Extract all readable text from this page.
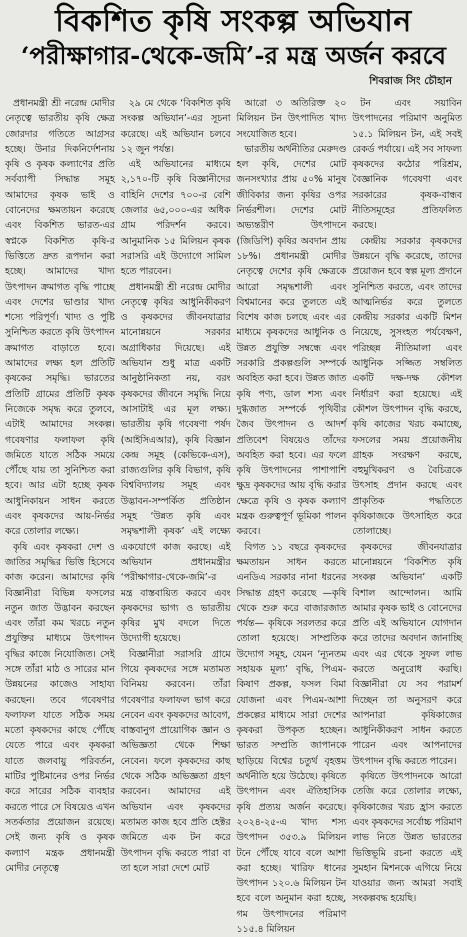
বিকশিত কৃষি সংকল্প অভিযান
‘পরীক্ষাগার-থেকে-জমি’-র মন্ত্র অর্জন করবে
শিবরাজ সিং চৌহান

প্রধানমন্ত্রী শ্রী নরেন্দ্র মোদীর নেতৃত্বে ভারতীয় কৃষি ক্ষেত্র জোরদার গতিতে আগ্রসর হচ্ছে। উনার দিকনির্দেশনায় কৃষি ও কৃষক কল্যাণের প্রতি সর্বব্যাপী সিদ্ধান্ত সমূহ আমাদের কৃষক ভাই ও বোনেদের ক্ষমতায়ন করেছে এবং বিকশিত ভারত-এর স্বপ্নকে বিকশিত কৃষি-র ভিত্তিতে দ্রুত রূপদান করা হচ্ছে। আমাদের খাদ্য উৎপাদন ক্রমাগত বৃদ্ধি পাচ্ছে এবং দেশের ভাণ্ডার খাদ্য শস্যে পরিপূর্ণ। খাদ্য ও পুষ্টি সুনিশ্চিত করতে কৃষি উৎপাদন ক্রমাগত বাড়াতে হবে। আমাদের লক্ষ্য হল প্রতিটি কৃষকের সমৃদ্ধি। ভারতের প্রতিটি গ্রামের প্রতিটি কৃষক নিজেকে সমৃদ্ধ করে তুলবে, এটাই আমাদের সংকল্প। গবেষণার ফলাফল কৃষি জমিতে যাতে সঠিক সময়ে পৌঁছে যায় তা সুনিশ্চিত করা হবে। আর এটা হচ্ছে কৃষক আধুনিকায়ন সাধন করতে এবং কৃষকদের আয়-নির্ভর করে তোলার লক্ষ্যে।

কৃষি এবং কৃষকরা দেশ ও জাতির সমৃদ্ধির ভিত্তি হিসেবে কাজ করেন। আমাদের কৃষি বিজ্ঞানীরা বিভিন্ন ফসলের নতুন জাত উদ্ভাবন করছেন এবং তাঁরা কম খরচে নতুন প্রযুক্তির মাধ্যমে উৎপাদন বৃদ্ধির কাজে নিযোজিত। সেই সঙ্গে তাঁরা মাঠ ও সারের মান উন্নয়নের কাজেও সাহায্য করছেন। তবে গবেষণার ফলাফল যাতে সঠিক সময় মতো কৃষকদের কাছে পৌঁছে যেতে পারে এবং কৃষকরা যাতে জলবায়ু পরিবর্তন, মাটির পুষ্টিমানের ওপর নির্ভর করে সারের সঠিক ব্যবহার করতে পারে সে বিষয়েও এখন সতর্কতার প্রয়োজন রয়েছে। সেই জন্য কৃষি ও কৃষক কল্যাণ মন্ত্রক প্রধানমন্ত্রী মোদীর নেতৃত্বে

২৯ মে থেকে ‘বিকশিত কৃষি সংকল্প অভিযান’-এর সূচনা করেছে। এই অভিযান চলবে ১২ জুন পর্যন্ত।

এই অভিযানের মাধ্যমে ২,১৭০-টি কৃষি বিজ্ঞানীদের বাহিনি দেশের ৭০০-র বেশি জেলার ৬৫,০০০-এর অধিক গ্রাম পরিদর্শন করবে। আনুমানিক ১৫ মিলিয়ন কৃষক সরাসরি এই উদ্যোগে সামিল হতে পারবেন।

প্রধানমন্ত্রী শ্রী নরেন্দ্র মোদীর নেতৃত্বে কৃষির আধুনিকীকরণ ও কৃষকদের জীবনযাত্রার মানোন্নয়নে সরকার অগ্রাধিকার দিয়েছে। এই অভিযান শুধু মাত্র একটি আনুষ্ঠানিকতা নয়, বরং কৃষকদের জীবনে সমৃদ্ধি নিয়ে আসাটাই এর মূল লক্ষ্য। ভারতীয় কৃষি গবেষণা পর্ষদ (আইসিএআর), কৃষি বিজ্ঞান কেন্দ্র সমূহ (কেভিকে-এস), রাজ্যগুলির কৃষি বিভাগ, কৃষি বিশ্ববিদ্যালয় সমূহ এবং উদ্ভাবন-সম্পর্কিত প্রতিষ্ঠান সমূহ ‘উন্নত কৃষি এবং সমৃদ্ধশালী কৃষক’ এই লক্ষ্যে একযোগে কাজ করছে। এই অভিযান প্রধানমন্ত্রীর ‘পরীক্ষাগার-থেকে-জমি’-র মন্ত্র বাস্তবায়িত করবে এবং কৃষকদের ভাগ্য ও ভারতীয় কৃষির মুখ বদলে দিতে উদ্যোগী হয়েছে।

বিজ্ঞানীরা সরাসরি গ্রামে গিয়ে কৃষকদের সঙ্গে মতামত বিনিময় করবেন। তাঁরা গবেষণার ফলাফল ভাগ করে নেবেন এবং কৃষকদের আবেগ, বাস্তবানুগ প্রায়োগিক জ্ঞান ও অভিজ্ঞতা থেকে শিক্ষা নেবেন। ফলে কৃষকদের কাছ থেকে সঠিক অভিজ্ঞতা গ্রহণ করবেন। আমাদের এই অভিযান এবং কৃষকদের মতামত কাজ হবে প্রতি হেক্টর জমিতে এক টন করে উৎপাদন বৃদ্ধি করতে পারা বা তা হলে সারা দেশে মোট

আরো ৩ অতিরিক্ত ২০ মিলিয়ন টন উৎপাদিত খাদ্য সংযোজিত হবে।

ভারতীয় অর্থনীতির মেরুদণ্ড হল কৃষি, দেশের মোট জনসংখ্যার প্রায় ৫০% মানুষ জীবিকার জন্য কৃষির ওপর নির্ভরশীল। দেশের মোট অভ্যন্তরীণ উৎপাদনে (জিডিপি) কৃষির অবদান প্রায় ১৮%। প্রধানমন্ত্রী মোদীর নেতৃত্বে দেশের কৃষি ক্ষেত্রকে আরো সমৃদ্ধশালী এবং বিশ্বমানের করে তুলতে এই বিশেষ কাজ চলছে এবং এর মাধ্যমে কৃষকদের আধুনিক ও উন্নত প্রযুক্তি সম্বন্ধে এবং সরকারি প্রকল্পগুলি সম্পর্কে অবহিত করা হবে। উন্নত জাত কৃষি পণ্য, ডাল শস্য এবং দুগ্ধজাত সম্পর্কে পৃথিবীর জৈব উৎপাদন ও আদর্শ প্রতিবেশ বিষয়েও তাঁদের অবহিত করা হবে। এর ফলে কৃষি উৎপাদনের পাশাপাশি ক্ষুদ্র কৃষকদের আয় বৃদ্ধি করার ক্ষেত্রে কৃষি ও কৃষক কল্যাণ মন্ত্রক গুরুত্বপূর্ণ ভূমিকা পালন করবে।

বিগত ১১ বছরে কৃষকদের ক্ষমতায়ন সাধন করতে এনডিএ সরকার নানা ধরনের সিদ্ধান্ত গ্রহণ করেছে —কৃষি থেকে শুরু করে বাজারজাত পর্যন্ত— কৃষিকে সরলতর করে তোলা হয়েছে। সাম্প্রতিক উদ্যোগ সমূহ, যেমন ‘ন্যূনতম সহায়ক মূল্য’ বৃদ্ধি, পিএম-কিষাণ প্রকল্প, ফসল বিমা যোজনা এবং পিএম-আশা প্রকল্পের মাধ্যমে সারা দেশের কৃষকরা উপকৃত হচ্ছেন। ভারত সম্প্রতি জাপানকে ছাড়িয়ে বিশ্বের চতুর্থ বৃহত্তম অর্থনীতি হয়ে উঠেছে। কৃষিতে উৎপাদন এবং ঐতিহাসিক কৃষি প্রত্যয় অর্জন করেছে। ২০২৪-২৫-এ খাদ্য শস্য উৎপাদন ৩৫৩.৯ মিলিয়ন টনে পৌঁছে যাবে বলে আশা করা হচ্ছে। খারিফ ধানের উৎপাদন ১২০.৬ মিলিয়ন টন হবে বলে অনুমান করা হচ্ছে, গম উৎপাদনের পরিমাণ ১১৫.৪ মিলিয়ন

টন এবং সয়াবিন উৎপাদনের পরিমাণ অনুমিত ১৫.১ মিলিয়ন টন, এই সবই রেকর্ড পর্যায়ে। এই সব সাফল্য কৃষকদের কঠোর পরিশ্রম, বৈজ্ঞানিক গবেষণা এবং সরকারের কৃষক-বান্ধব নীতিসমূহের প্রতিফলিত করছে।

কেন্দ্রীয় সরকার কৃষকদের উন্নয়নে বৃদ্ধি করেছে, তাদের প্রয়োজন হবে স্বল্প মূল্য প্রদানে সুনিশ্চিত করতে, এবং তাদের আত্মনির্ভর করে তুলতে কেন্দ্রীয় সরকার একটি মিশন নিয়েছে, সুসংহত পর্যবেক্ষণ, পরিচ্ছন্ন নীতিমালা এবং আধুনিক সজ্জিত সম্বলিত একটি দক্ষ-দক্ষ কৌশল নির্ধারণ করা হয়েছে। এই কৌশল উৎপাদন বৃদ্ধি করছে, কৃষি কাজের খরচ কমাচ্ছে, ফসলের সময় প্রয়োজনীয় গ্রাহক সংরক্ষণ করছে, বহুমুখিকরণ ও বৈচিত্রকে উৎসাহ প্রদান করছে এবং প্রাকৃতিক পদ্ধতিতে কৃষিকাজকে উৎসাহিত করে তোলাচ্ছে।

কৃষকদের জীবনযাত্রার মানোন্নয়নে ‘বিকশিত কৃষি সংকল্প অভিযান’ একটি বিশাল আন্দোলন। আমি আমার কৃষক ভাই ও বোনেদের প্রতি এই অভিযানে যোগদান করে তাদের অবদান জানাচ্ছি এবং এর থেকে সুফল লাভ করতে অনুরোধ করছি। বিজ্ঞানীরা যে সব পরামর্শ দিচ্ছেন তা অনুসরণ করে আপনারা কৃষিকাজের আধুনিকীকরণ সাধন করতে পারেন এবং আপনাদের উৎপাদন বৃদ্ধি করতে পারেন।

কৃষিতে উৎপাদনকে আরো তেজি করে তোলার লক্ষ্যে, কৃষিকাজের খরচ হ্রাস করতে এবং কৃষকদের সর্বোচ্চ পরিমাণ লাভ নিতে উন্নত ভারতের ভিত্তিভূমি রচনা করতে এই সুমহান মিশনকে এগিয়ে নিয়ে যাওয়ার জন্য আমরা সবাই সংকল্পবদ্ধ হয়েছি।
